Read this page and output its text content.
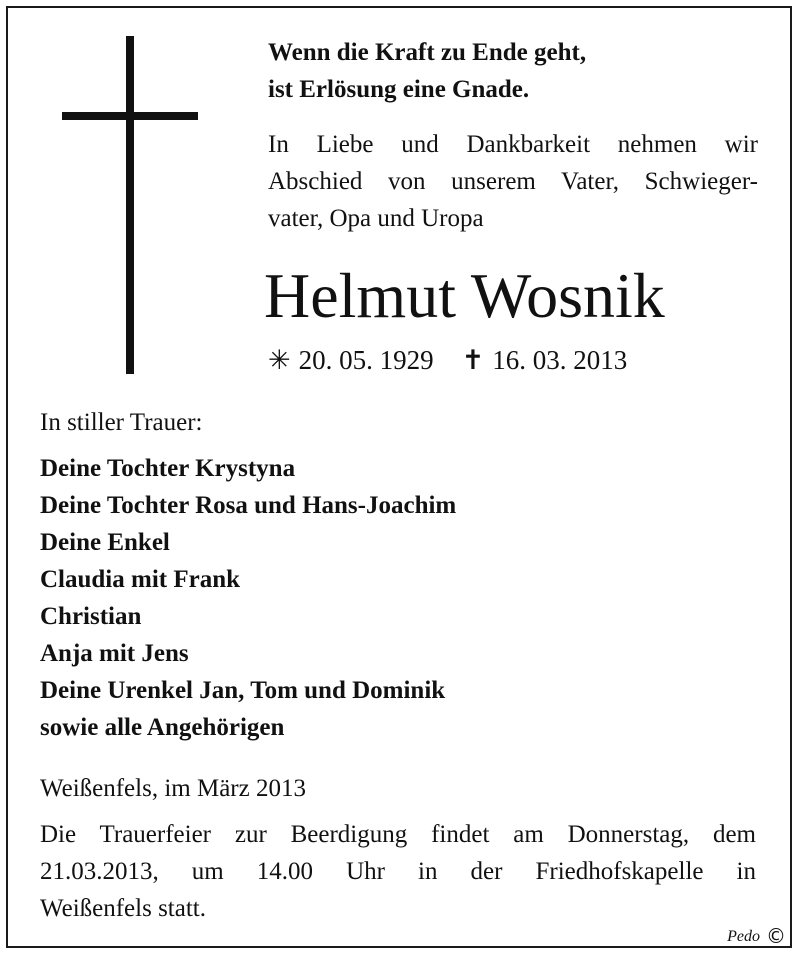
Wenn die Kraft zu Ende geht,
ist Erlösung eine Gnade.
In Liebe und Dankbarkeit nehmen wir
Abschied von unserem Vater, Schwieger-
vater, Opa und Uropa
Helmut Wosnik
✳ 20. 05. 1929 ✝ 16. 03. 2013
In stiller Trauer:
Deine Tochter Krystyna
Deine Tochter Rosa und Hans-Joachim
Deine Enkel
Claudia mit Frank
Christian
Anja mit Jens
Deine Urenkel Jan, Tom und Dominik
sowie alle Angehörigen
Weißenfels, im März 2013
Die Trauerfeier zur Beerdigung findet am Donnerstag, dem
21.03.2013, um 14.00 Uhr in der Friedhofskapelle in
Weißenfels statt.
Pedo ©
